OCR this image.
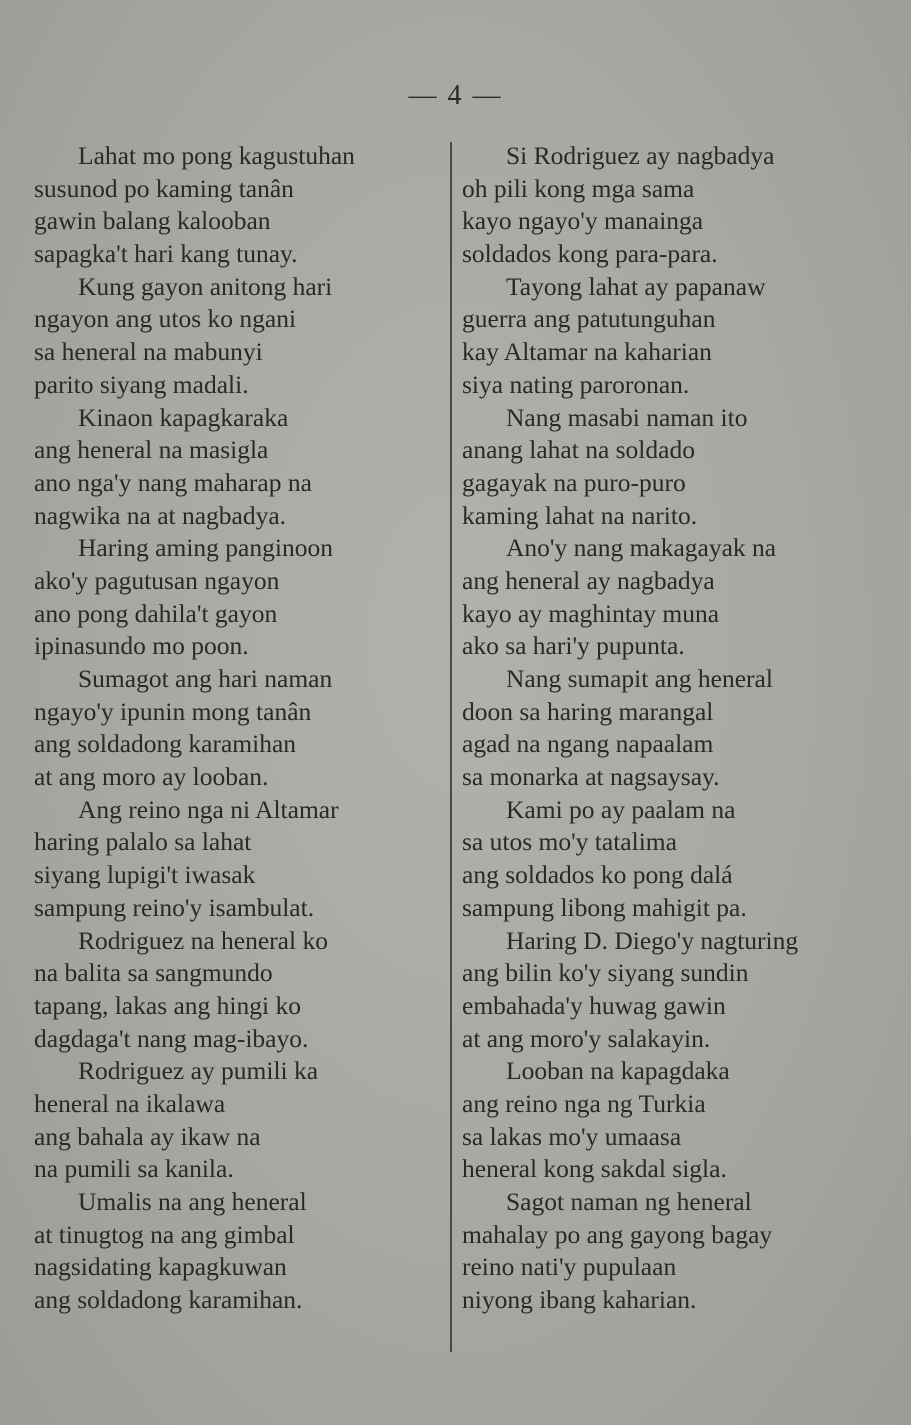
— 4 —
Lahat mo pong kagustuhan
susunod po kaming tanân
gawin balang kalooban
sapagka't hari kang tunay.
Kung gayon anitong hari
ngayon ang utos ko ngani
sa heneral na mabunyi
parito siyang madali.
Kinaon kapagkaraka
ang heneral na masigla
ano nga'y nang maharap na
nagwika na at nagbadya.
Haring aming panginoon
ako'y pagutusan ngayon
ano pong dahila't gayon
ipinasundo mo poon.
Sumagot ang hari naman
ngayo'y ipunin mong tanân
ang soldadong karamihan
at ang moro ay looban.
Ang reino nga ni Altamar
haring palalo sa lahat
siyang lupigi't iwasak
sampung reino'y isambulat.
Rodriguez na heneral ko
na balita sa sangmundo
tapang, lakas ang hingi ko
dagdaga't nang mag-ibayo.
Rodriguez ay pumili ka
heneral na ikalawa
ang bahala ay ikaw na
na pumili sa kanila.
Umalis na ang heneral
at tinugtog na ang gimbal
nagsidating kapagkuwan
ang soldadong karamihan.
Si Rodriguez ay nagbadya
oh pili kong mga sama
kayo ngayo'y manainga
soldados kong para-para.
Tayong lahat ay papanaw
guerra ang patutunguhan
kay Altamar na kaharian
siya nating paroronan.
Nang masabi naman ito
anang lahat na soldado
gagayak na puro-puro
kaming lahat na narito.
Ano'y nang makagayak na
ang heneral ay nagbadya
kayo ay maghintay muna
ako sa hari'y pupunta.
Nang sumapit ang heneral
doon sa haring marangal
agad na ngang napaalam
sa monarka at nagsaysay.
Kami po ay paalam na
sa utos mo'y tatalima
ang soldados ko pong dalá
sampung libong mahigit pa.
Haring D. Diego'y nagturing
ang bilin ko'y siyang sundin
embahada'y huwag gawin
at ang moro'y salakayin.
Looban na kapagdaka
ang reino nga ng Turkia
sa lakas mo'y umaasa
heneral kong sakdal sigla.
Sagot naman ng heneral
mahalay po ang gayong bagay
reino nati'y pupulaan
niyong ibang kaharian.
